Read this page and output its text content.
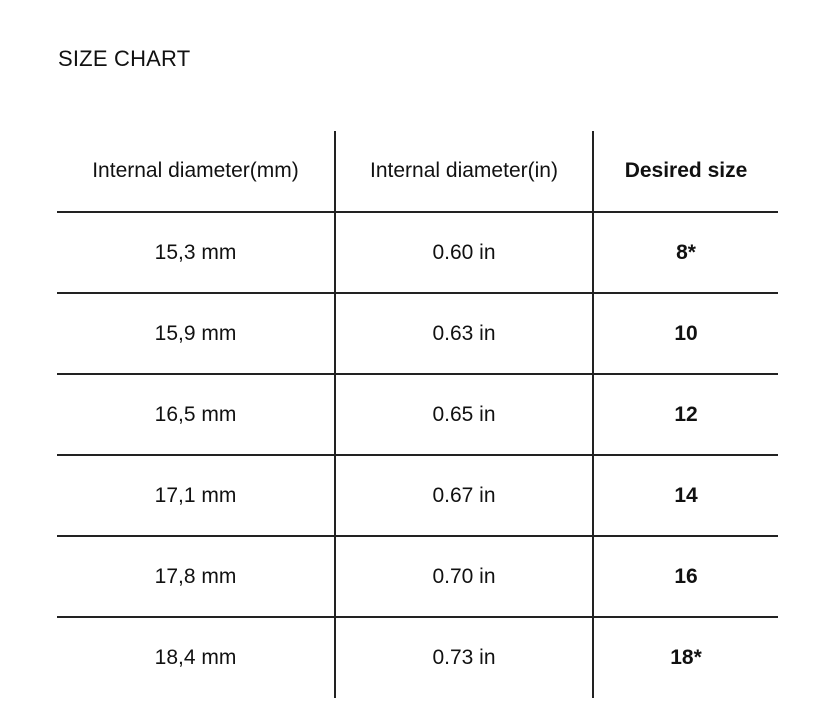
SIZE CHART
Internal diameter(mm)	Internal diameter(in)	Desired size
15,3 mm	0.60 in	8*
15,9 mm	0.63 in	10
16,5 mm	0.65 in	12
17,1 mm	0.67 in	14
17,8 mm	0.70 in	16
18,4 mm	0.73 in	18*
